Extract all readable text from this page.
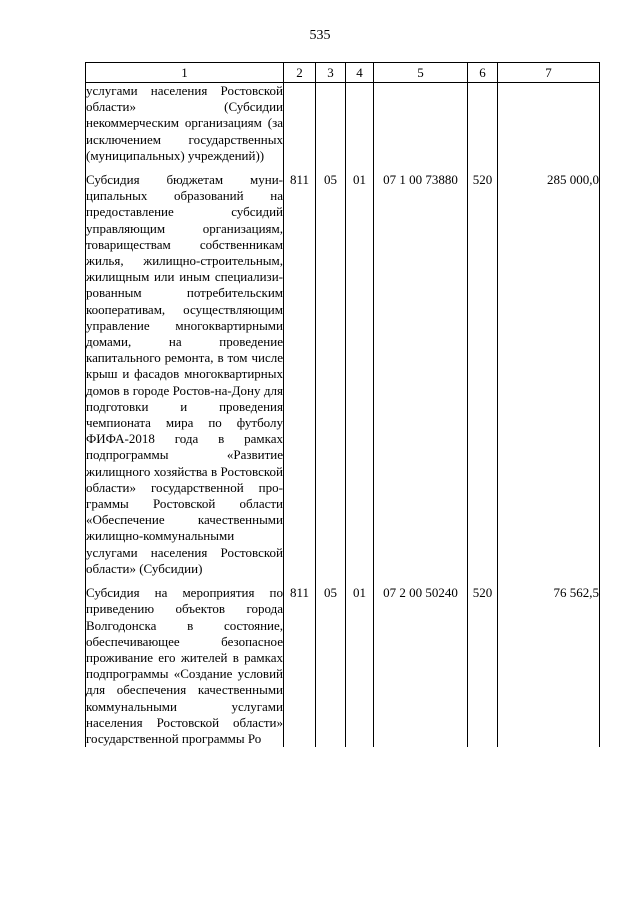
535
1	2	3	4	5	6	7
услугами населения Ростовской области» (Субсидии некоммерческим организациям (за исключением государственных (муниципальных) учреждений))						

Субсидия бюджетам муниципальных образований на предоставление субсидий управляющим организациям, товариществам собственникам жилья, жилищно-строительным, жилищным или иным специализированным потребительским кооперативам, осуществляющим управление многоквартирными домами, на проведение капитального ремонта, в том числе крыш и фасадов многоквартирных домов в городе Ростов-на-Дону для подготовки и проведения чемпионата мира по футболу ФИФА-2018 года в рамках подпрограммы «Развитие жилищного хозяйства в Ростовской области» государственной программы Ростовской области «Обеспечение качественными жилищно-коммунальными услугами населения Ростовской области» (Субсидии)	811	05	01	07 1 00 73880	520	285 000,0

Субсидия на мероприятия по приведению объектов города Волгодонска в состояние, обеспечивающее безопасное проживание его жителей в рамках подпрограммы «Создание условий для обеспечения качественными коммунальными услугами населения Ростовской области» государственной программы Ро	811	05	01	07 2 00 50240	520	76 562,5
